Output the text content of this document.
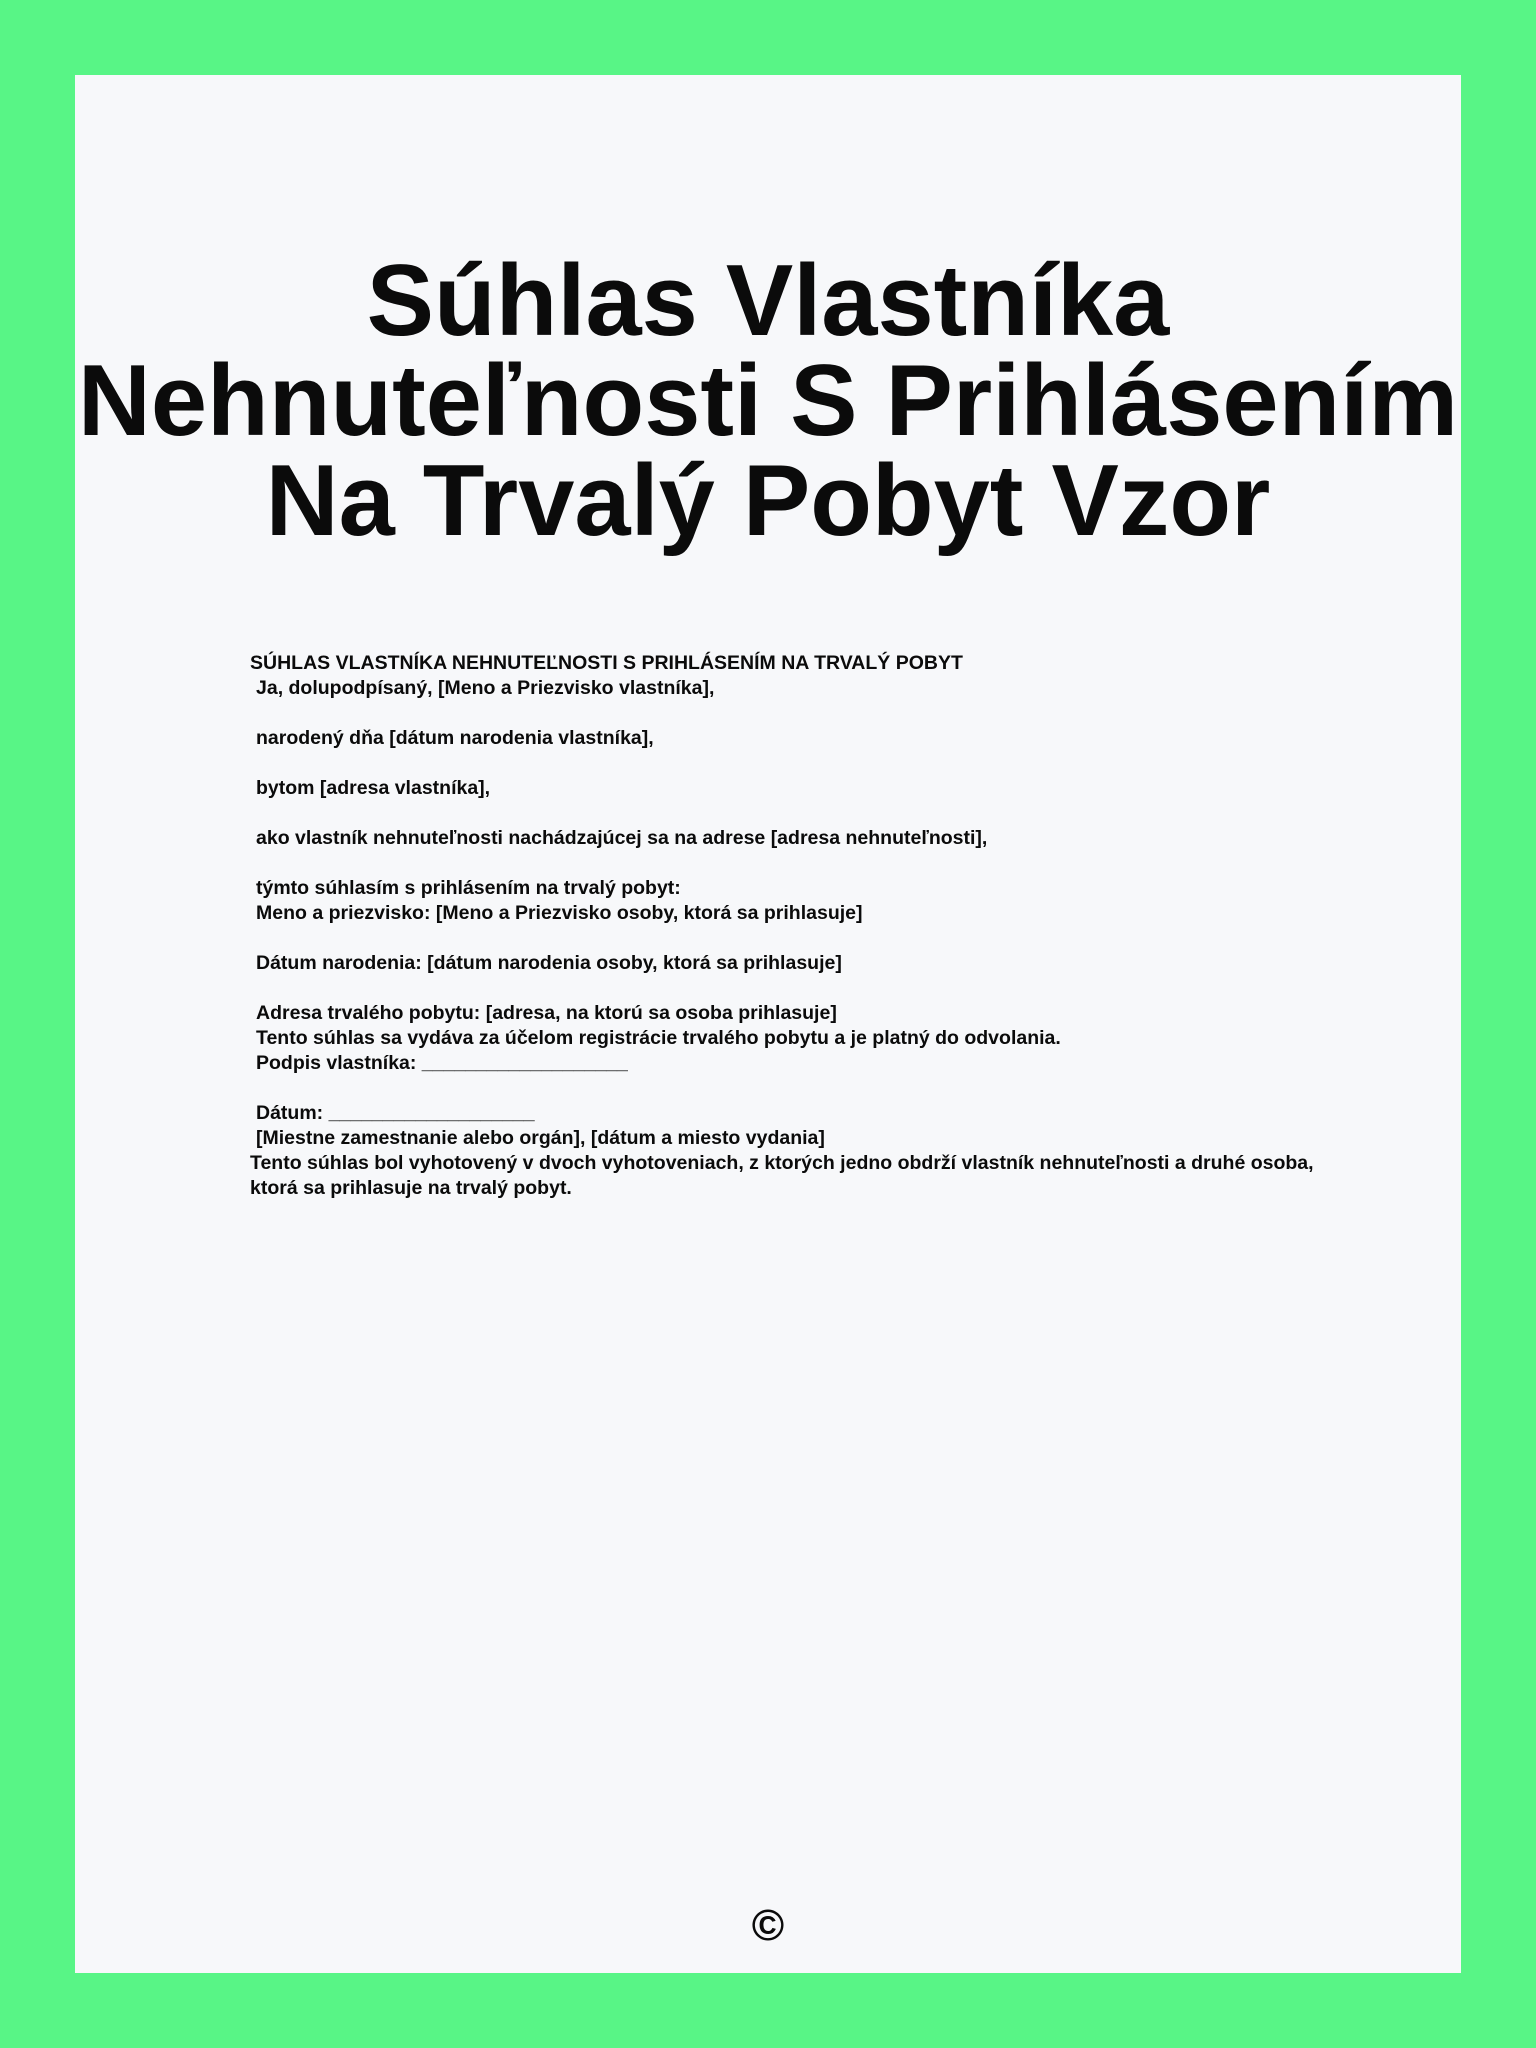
Súhlas Vlastníka
Nehnuteľnosti S Prihlásením
Na Trvalý Pobyt Vzor
SÚHLAS VLASTNÍKA NEHNUTEĽNOSTI S PRIHLÁSENÍM NA TRVALÝ POBYT
Ja, dolupodpísaný, [Meno a Priezvisko vlastníka],
narodený dňa [dátum narodenia vlastníka],
bytom [adresa vlastníka],
ako vlastník nehnuteľnosti nachádzajúcej sa na adrese [adresa nehnuteľnosti],
týmto súhlasím s prihlásením na trvalý pobyt:
Meno a priezvisko: [Meno a Priezvisko osoby, ktorá sa prihlasuje]
Dátum narodenia: [dátum narodenia osoby, ktorá sa prihlasuje]
Adresa trvalého pobytu: [adresa, na ktorú sa osoba prihlasuje]
Tento súhlas sa vydáva za účelom registrácie trvalého pobytu a je platný do odvolania.
Podpis vlastníka: ___________________
Dátum: ___________________
[Miestne zamestnanie alebo orgán], [dátum a miesto vydania]
Tento súhlas bol vyhotovený v dvoch vyhotoveniach, z ktorých jedno obdrží vlastník nehnuteľnosti a druhé osoba, ktorá sa prihlasuje na trvalý pobyt.
©
